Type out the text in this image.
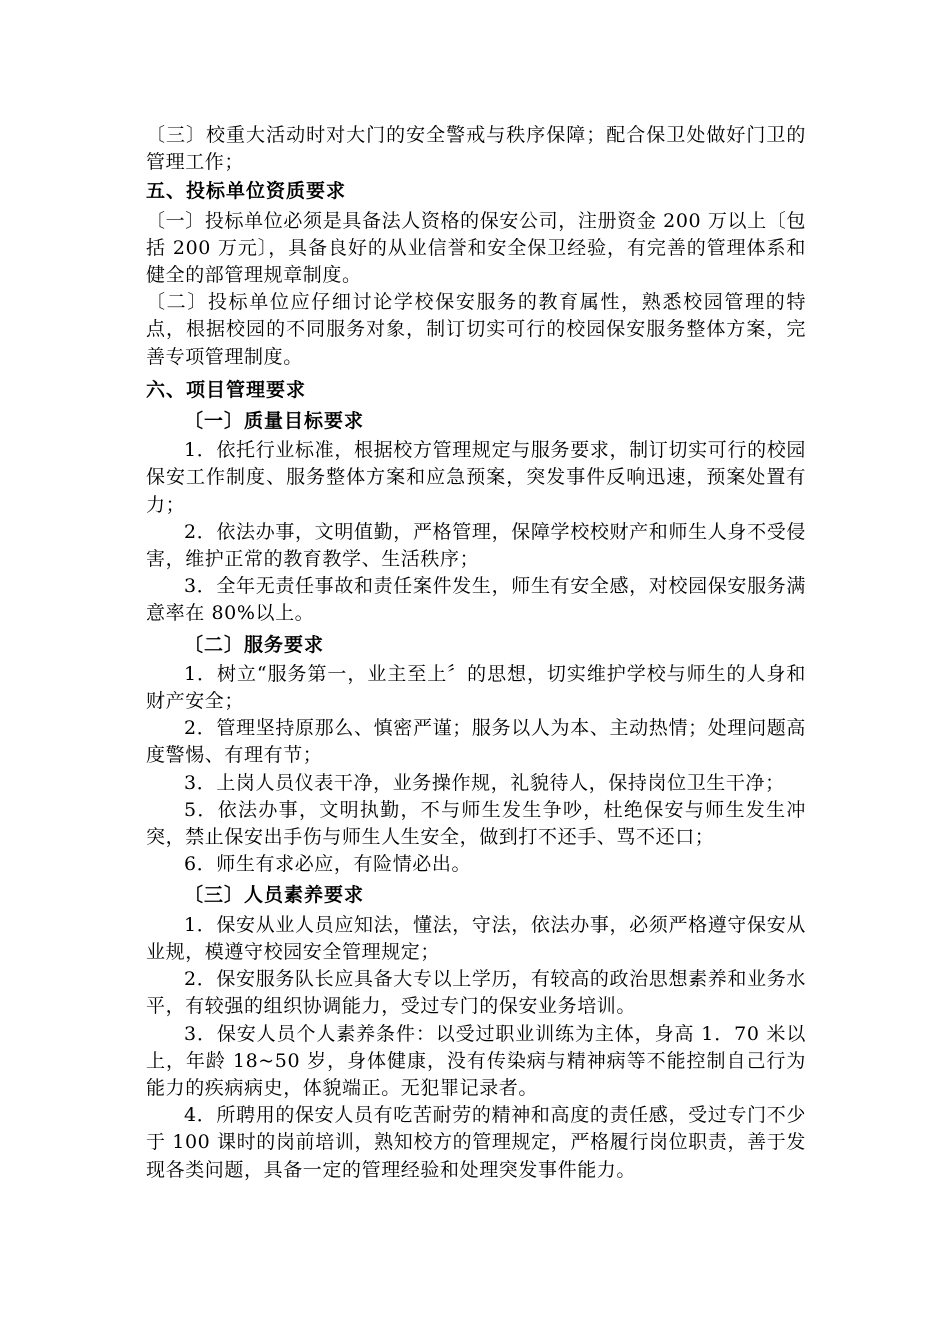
〔三〕校重大活动时对大门的安全警戒与秩序保障；配合保卫处做好门卫的管理工作；

五、投标单位资质要求

〔一〕投标单位必须是具备法人资格的保安公司，注册资金 200 万以上〔包括 200 万元〕，具备良好的从业信誉和安全保卫经验，有完善的管理体系和健全的部管理规章制度。

〔二〕投标单位应仔细讨论学校保安服务的教育属性，熟悉校园管理的特点，根据校园的不同服务对象，制订切实可行的校园保安服务整体方案，完善专项管理制度。

六、项目管理要求

〔一〕质量目标要求

1．依托行业标准，根据校方管理规定与服务要求，制订切实可行的校园保安工作制度、服务整体方案和应急预案，突发事件反响迅速，预案处置有力；

2．依法办事，文明值勤，严格管理，保障学校校财产和师生人身不受侵害，维护正常的教育教学、生活秩序；

3．全年无责任事故和责任案件发生，师生有安全感，对校园保安服务满意率在 80%以上。

〔二〕服务要求

1．树立“服务第一，业主至上〞的思想，切实维护学校与师生的人身和财产安全；

2．管理坚持原那么、慎密严谨；服务以人为本、主动热情；处理问题高度警惕、有理有节；

3．上岗人员仪表干净，业务操作规，礼貌待人，保持岗位卫生干净；

5．依法办事，文明执勤，不与师生发生争吵，杜绝保安与师生发生冲突，禁止保安出手伤与师生人生安全，做到打不还手、骂不还口；

6．师生有求必应，有险情必出。

〔三〕人员素养要求

1．保安从业人员应知法，懂法，守法，依法办事，必须严格遵守保安从业规，模遵守校园安全管理规定；

2．保安服务队长应具备大专以上学历，有较高的政治思想素养和业务水平，有较强的组织协调能力，受过专门的保安业务培训。

3．保安人员个人素养条件：以受过职业训练为主体，身高 1．70 米以上，年龄 18~50 岁，身体健康，没有传染病与精神病等不能控制自己行为能力的疾病病史，体貌端正。无犯罪记录者。

4．所聘用的保安人员有吃苦耐劳的精神和高度的责任感，受过专门不少于 100 课时的岗前培训，熟知校方的管理规定，严格履行岗位职责，善于发现各类问题，具备一定的管理经验和处理突发事件能力。
